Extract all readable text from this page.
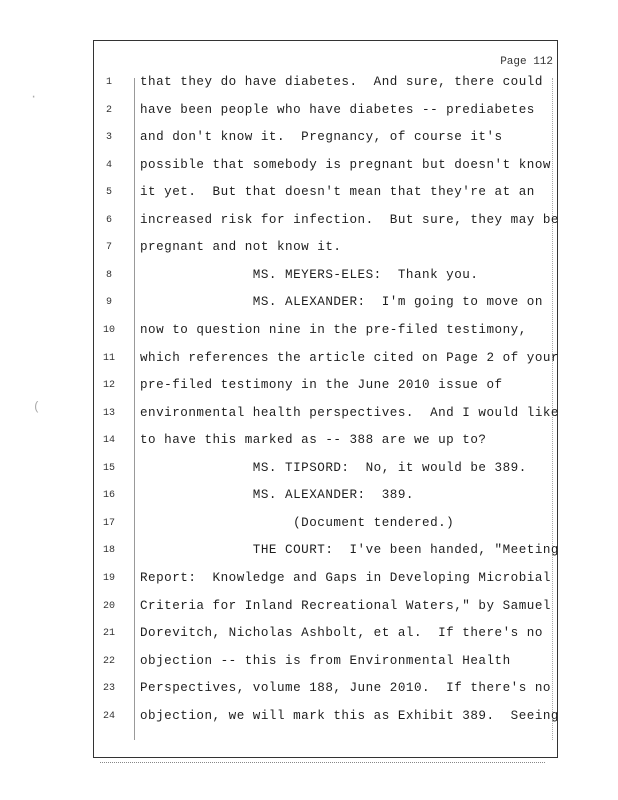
·
(
Page 112
1	that they do have diabetes.  And sure, there could
2	have been people who have diabetes -- prediabetes
3	and don't know it.  Pregnancy, of course it's
4	possible that somebody is pregnant but doesn't know
5	it yet.  But that doesn't mean that they're at an
6	increased risk for infection.  But sure, they may be
7	pregnant and not know it.
8	MS. MEYERS-ELES:  Thank you.
9	MS. ALEXANDER:  I'm going to move on
10	now to question nine in the pre-filed testimony,
11	which references the article cited on Page 2 of your
12	pre-filed testimony in the June 2010 issue of
13	environmental health perspectives.  And I would like
14	to have this marked as -- 388 are we up to?
15	MS. TIPSORD:  No, it would be 389.
16	MS. ALEXANDER:  389.
17	(Document tendered.)
18	THE COURT:  I've been handed, "Meeting
19	Report:  Knowledge and Gaps in Developing Microbial
20	Criteria for Inland Recreational Waters," by Samuel
21	Dorevitch, Nicholas Ashbolt, et al.  If there's no
22	objection -- this is from Environmental Health
23	Perspectives, volume 188, June 2010.  If there's no
24	objection, we will mark this as Exhibit 389.  Seeing
